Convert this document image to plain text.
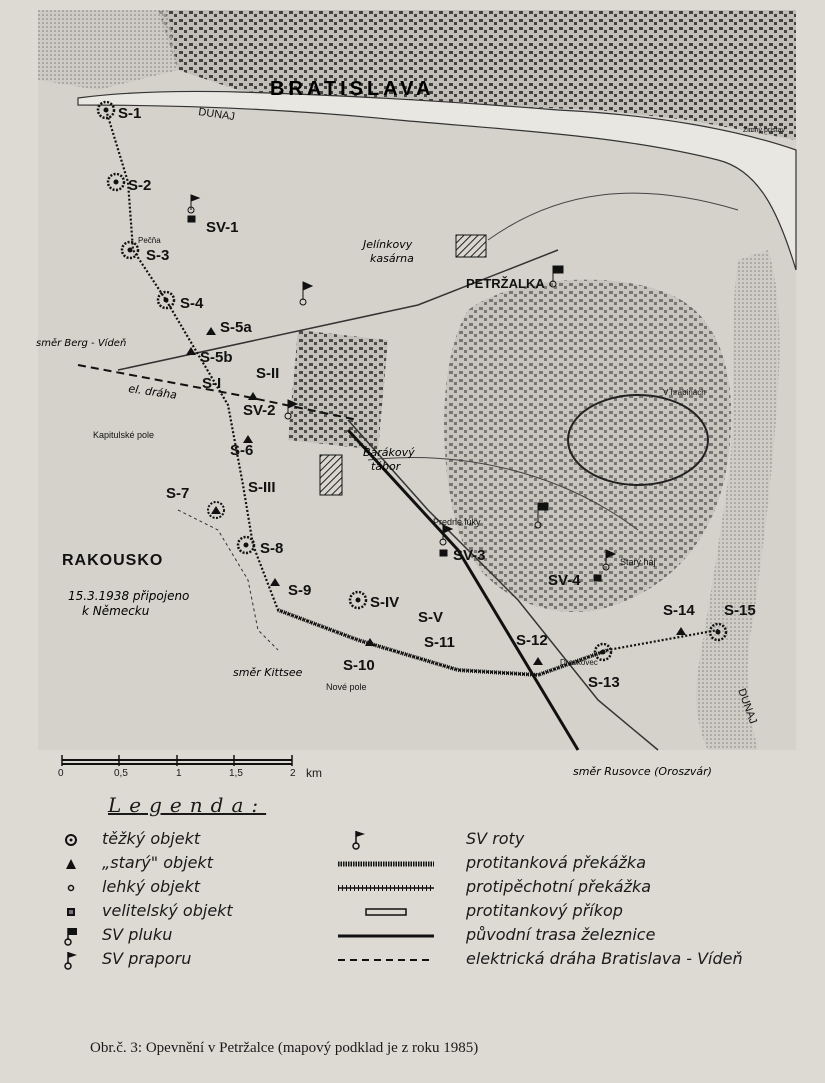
BRATISLAVA
DUNAJ
DUNAJ
PETRŽALKA
RAKOUSKO
15.3.1938 připojeno
k Německu
Pečňa	Jelínkovy
kasárna
Kapitulské pole
Barákový
tábor
Predné lúky
Nové pole
Starý háj
V hrabinách
Zimný prístav
Draskovec
směr Berg - Vídeň
směr Kittsee
směr Rusovce (Oroszvár)
el. dráha
S-1
S-2
S-3
S-4
S-5a
S-5b
S-I
S-II
SV-2
S-6
S-7	S-III
S-8
S-9
S-IV
S-V
S-11
S-10
S-12
S-13
S-14 S-15
SV-1
SV-3
SV-4
0	0,5	1	1,5	2 km
Legenda:
těžký objekt
„starý" objekt
lehký objekt
velitelský objekt
SV pluku
SV praporu
SV roty
protitanková překážka
protipěchotní překážka
protitankový příkop
původní trasa železnice
elektrická dráha Bratislava - Vídeň
Obr.č. 3: Opevnění v Petržalce (mapový podklad je z roku 1985)
